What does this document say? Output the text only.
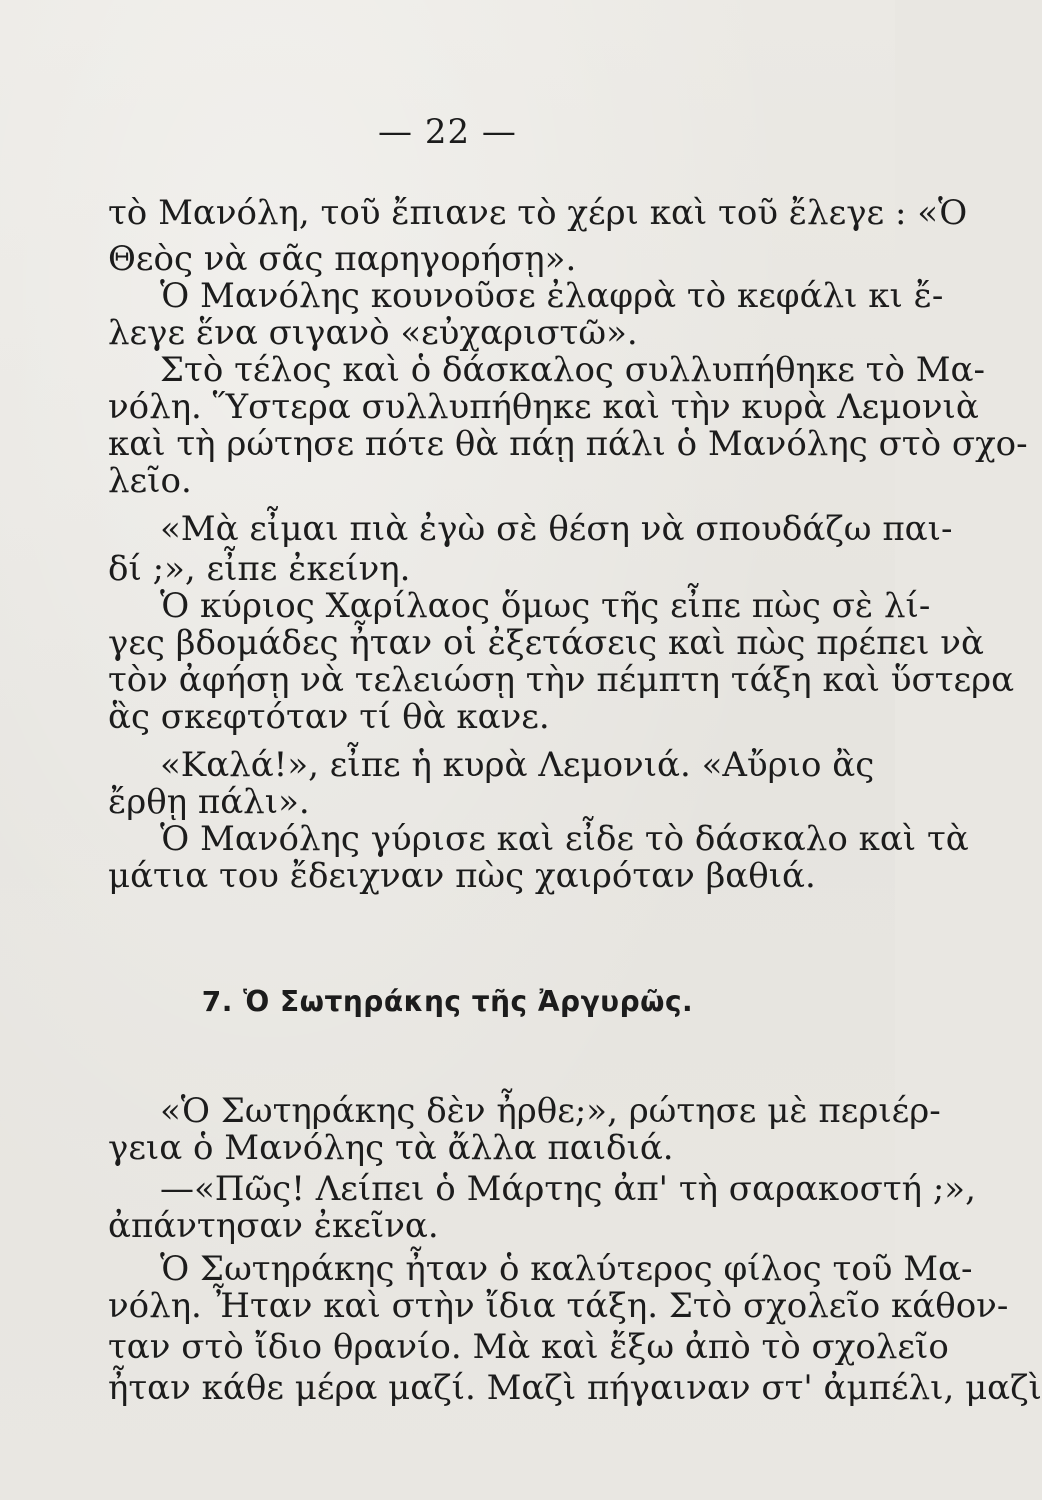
— 22 —
τὸ Μανόλη, τοῦ ἔπιανε τὸ χέρι καὶ τοῦ ἔλεγε : «Ὁ
Θεὸς νὰ σᾶς παρηγορήσῃ».
Ὁ Μανόλης κουνοῦσε ἐλαφρὰ τὸ κεφάλι κι ἔ-
λεγε ἕνα σιγανὸ «εὐχαριστῶ».
Στὸ τέλος καὶ ὁ δάσκαλος συλλυπήθηκε τὸ Μα-
νόλη. Ὕστερα συλλυπήθηκε καὶ τὴν κυρὰ Λεμονιὰ
καὶ τὴ ρώτησε πότε θὰ πάῃ πάλι ὁ Μανόλης στὸ σχο-
λεῖο.
«Μὰ εἶμαι πιὰ ἐγὼ σὲ θέση νὰ σπουδάζω παι-
δί ;», εἶπε ἐκείνη.
Ὁ κύριος Χαρίλαος ὅμως τῆς εἶπε πὼς σὲ λί-
γες βδομάδες ἦταν οἱ ἐξετάσεις καὶ πὼς πρέπει νὰ
τὸν ἀφήσῃ νὰ τελειώσῃ τὴν πέμπτη τάξη καὶ ὕστερα
ἃς σκεφτόταν τί θὰ κανε.
«Καλά!», εἶπε ἡ κυρὰ Λεμονιά. «Αὔριο ἂς
ἔρθῃ πάλι».
Ὁ Μανόλης γύρισε καὶ εἶδε τὸ δάσκαλο καὶ τὰ
μάτια του ἔδειχναν πὼς χαιρόταν βαθιά.
7. Ὁ Σωτηράκης τῆς Ἀργυρῶς.
«Ὁ Σωτηράκης δὲν ἦρθε;», ρώτησε μὲ περιέρ-
γεια ὁ Μανόλης τὰ ἄλλα παιδιά.
—«Πῶς! Λείπει ὁ Μάρτης ἀπ' τὴ σαρακοστή ;»,
ἀπάντησαν ἐκεῖνα.
Ὁ Σωτηράκης ἦταν ὁ καλύτερος φίλος τοῦ Μα-
νόλη. Ἦταν καὶ στὴν ἴδια τάξη. Στὸ σχολεῖο κάθον-
ταν στὸ ἴδιο θρανίο. Μὰ καὶ ἔξω ἀπὸ τὸ σχολεῖο
ἦταν κάθε μέρα μαζί. Μαζὶ πήγαιναν στ' ἀμπέλι, μαζὶ
